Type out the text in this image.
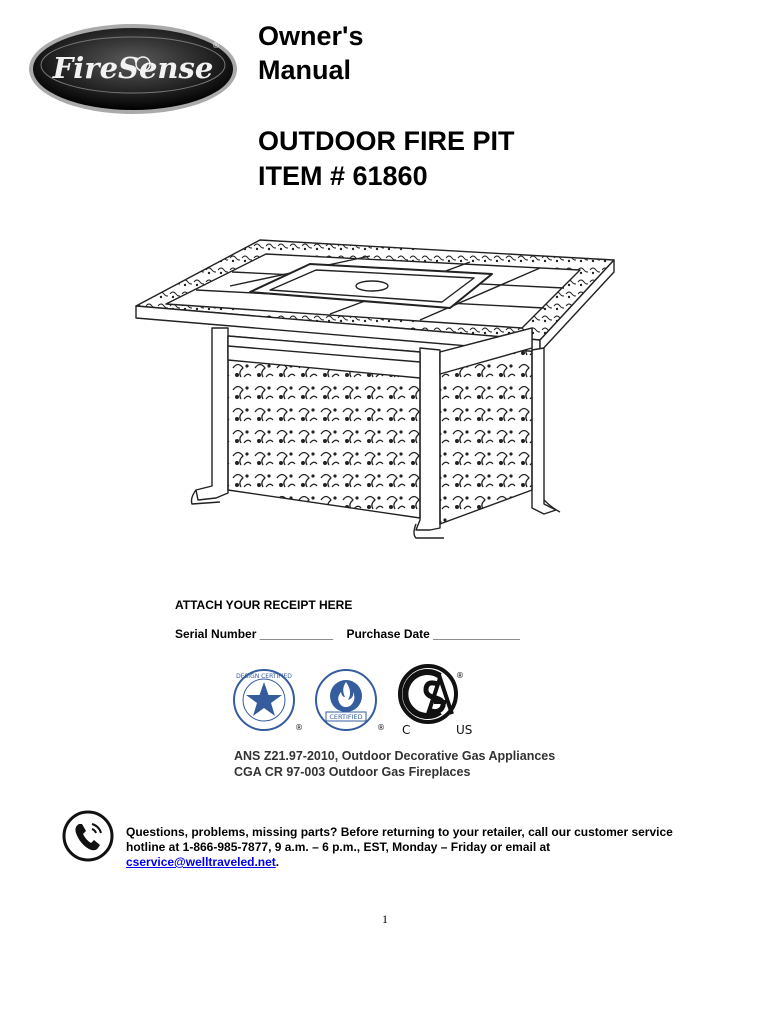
FireSense
® Owner's
Manual
OUTDOOR FIRE PIT
ITEM # 61860
ATTACH YOUR RECEIPT HERE
Serial Number ___________ Purchase Date _____________
DESIGN CERTIFIED
®
CERTIFIED
®
®
C	US
ANS Z21.97-2010, Outdoor Decorative Gas Appliances
CGA CR 97-003 Outdoor Gas Fireplaces
Questions, problems, missing parts? Before returning to your retailer, call our customer service hotline at 1-866-985-7877, 9 a.m. – 6 p.m., EST, Monday – Friday or email at cservice@welltraveled.net.
1
